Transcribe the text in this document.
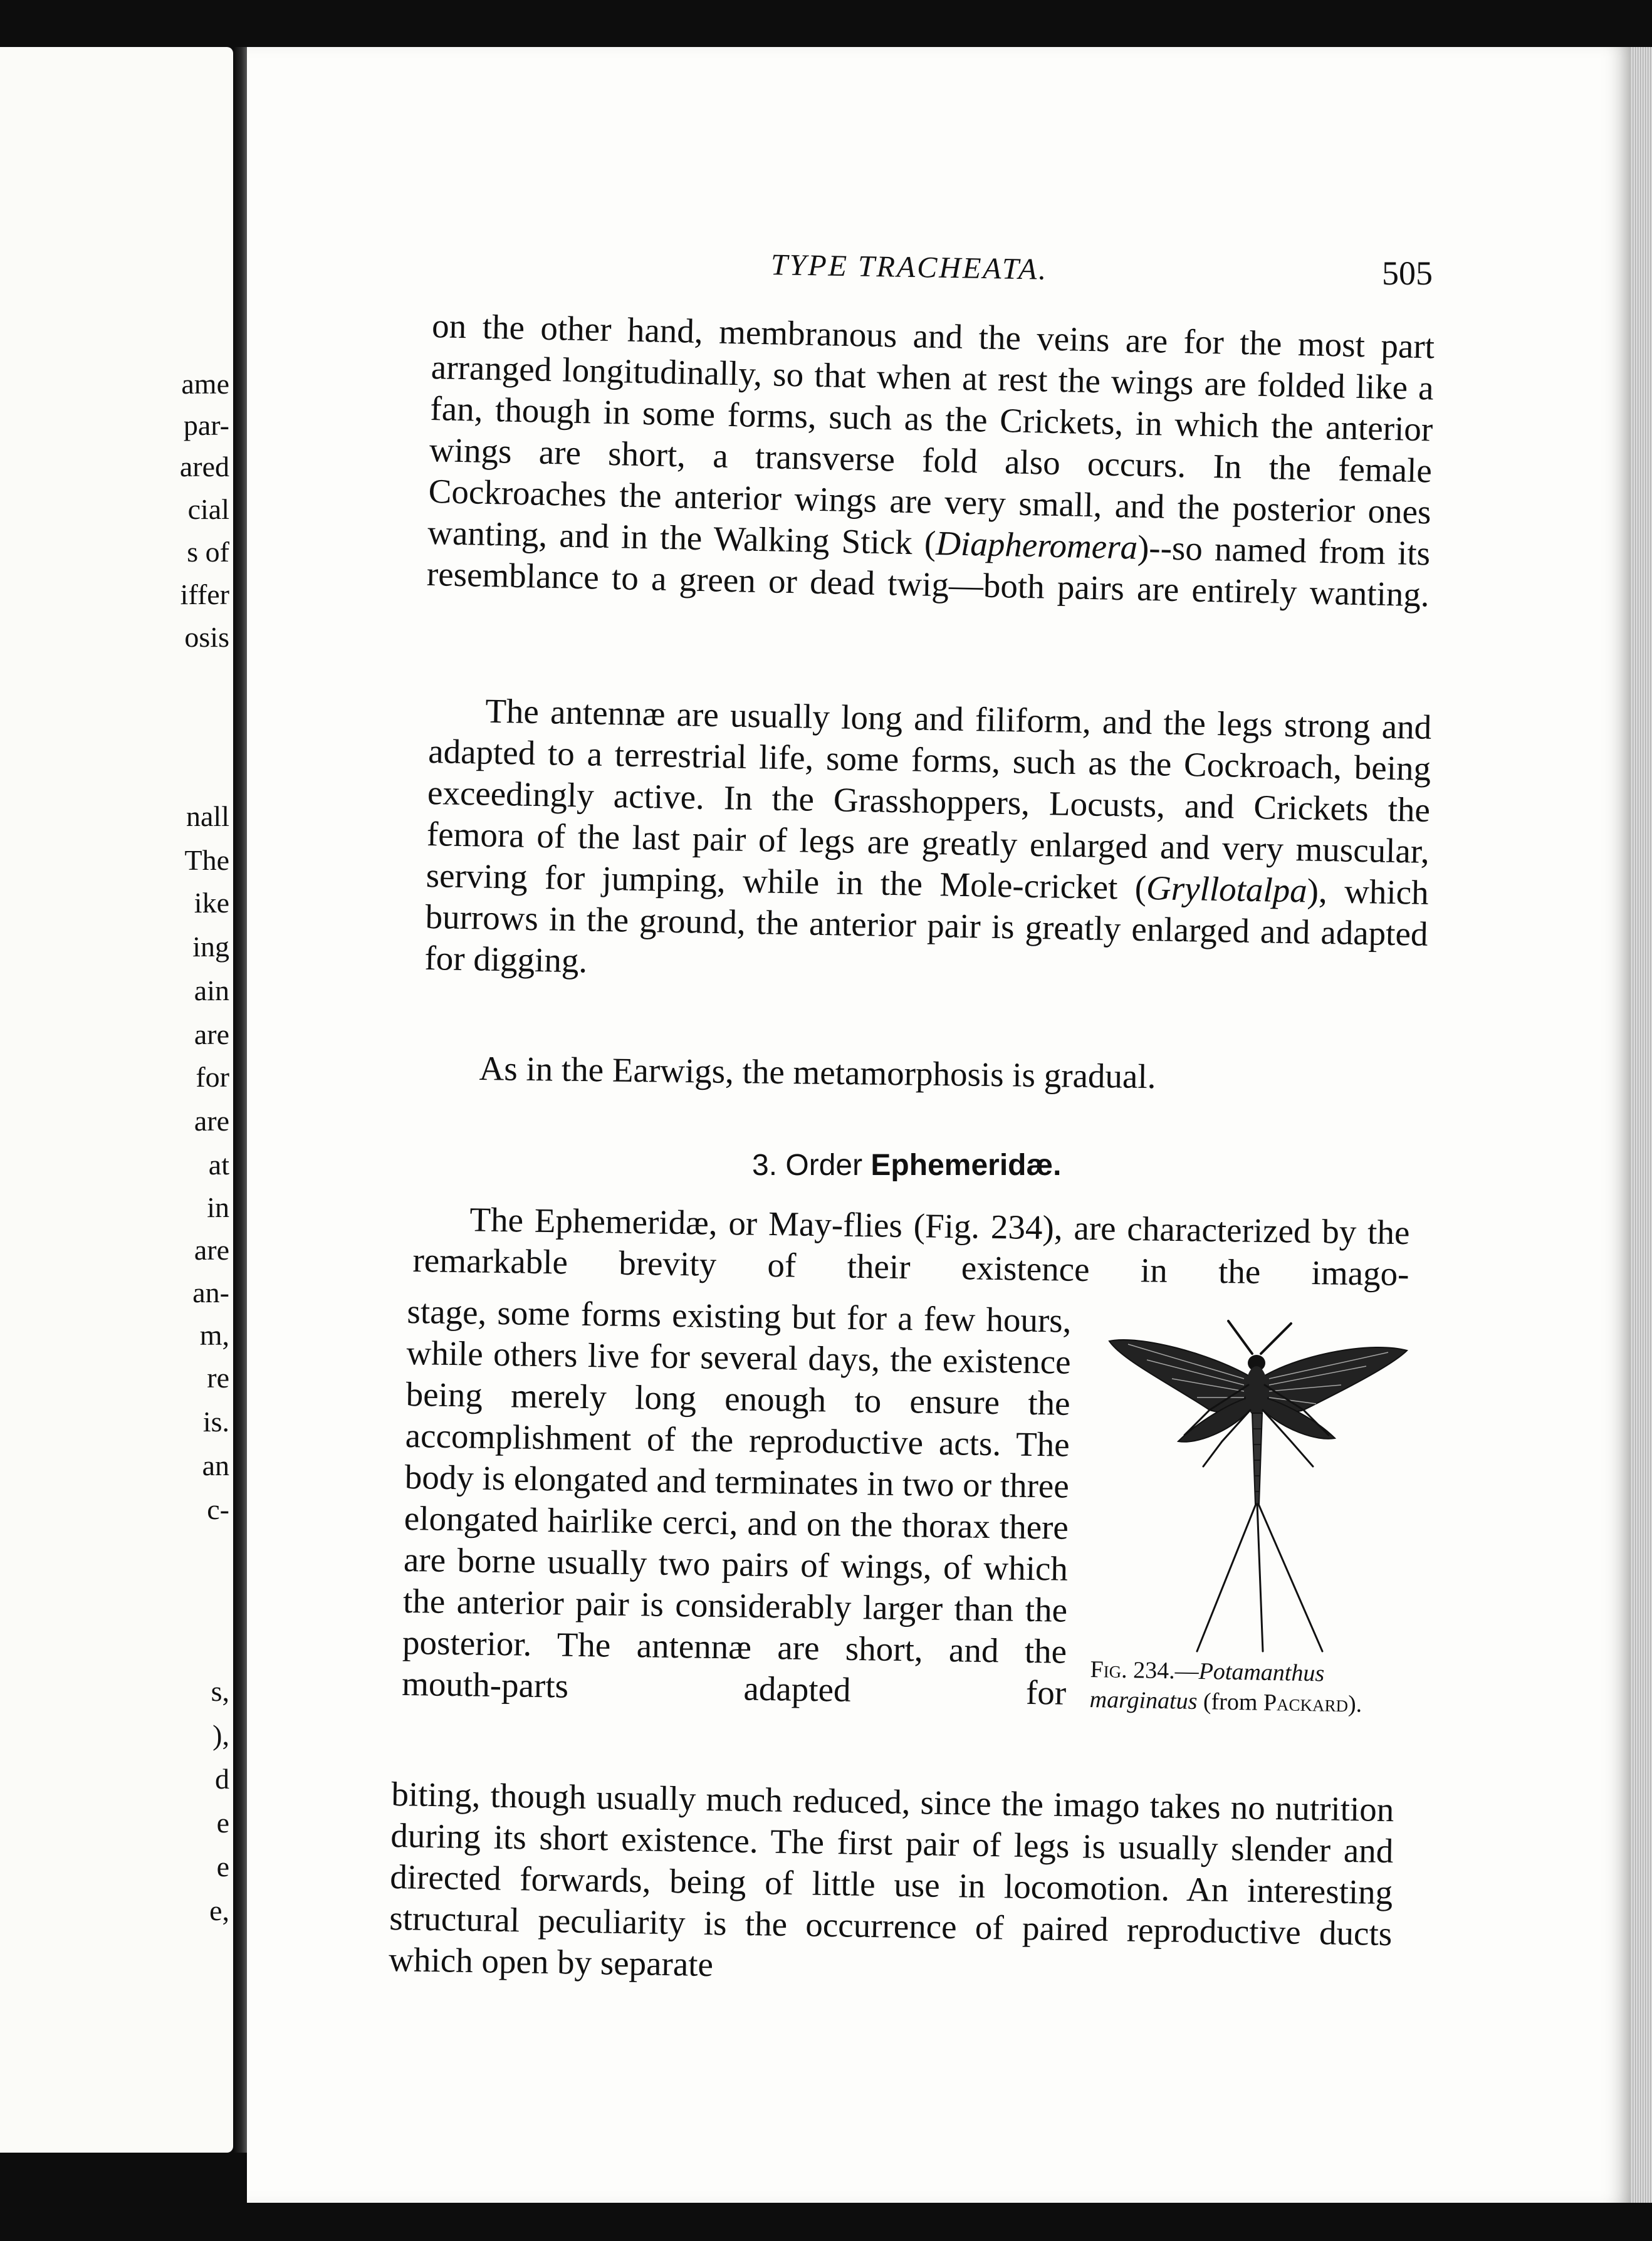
ame
par-
ared
cial
s of
iffer
osis
nall
The
ike
ing
ain
are
for
are
at
in
are
an-
m,
re
is.
an
c-
s,
),
d
e
e
e,
TYPE TRACHEATA.	505

on the other hand, membranous and the veins are for the most part arranged longitudinally, so that when at rest the wings are folded like a fan, though in some forms, such as the Crickets, in which the anterior wings are short, a transverse fold also occurs. In the female Cockroaches the anterior wings are very small, and the posterior ones wanting, and in the Walking Stick (Diapheromera)--so named from its resemblance to a green or dead twig—both pairs are entirely wanting.

The antennæ are usually long and filiform, and the legs strong and adapted to a terrestrial life, some forms, such as the Cockroach, being exceedingly active. In the Grasshoppers, Locusts, and Crickets the femora of the last pair of legs are greatly enlarged and very muscular, serving for jumping, while in the Mole-cricket (Gryllotalpa), which burrows in the ground, the anterior pair is greatly enlarged and adapted for digging.

As in the Earwigs, the metamorphosis is gradual.
3. Order Ephemeridæ.
The Ephemeridæ, or May-flies (Fig. 234), are characterized by the remarkable brevity of their existence in the imago-
stage, some forms existing but for a few hours, while others live for several days, the existence being merely long enough to ensure the accomplishment of the reproductive acts. The body is elongated and terminates in two or three elongated hairlike cerci, and on the thorax there are borne usually two pairs of wings, of which the anterior pair is considerably larger than the posterior. The antennæ are short, and the mouth-parts adapted for
biting, though usually much reduced, since the imago takes no nutrition during its short existence. The first pair of legs is usually slender and directed forwards, being of little use in locomotion. An interesting structural peculiarity is the occurrence of paired reproductive ducts which open by separate
Fig. 234.—Potamanthus marginatus (from Packard).
